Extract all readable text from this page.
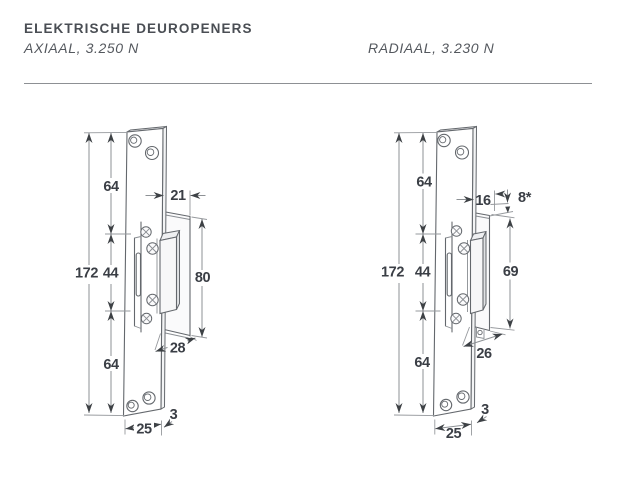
ELEKTRISCHE DEUROPENERS
AXIAAL, 3.250 N	RADIAAL, 3.230 N
64
172 44
64
21
80
28
25
3
64
172 44
64
16 8*
69
26
25
3
